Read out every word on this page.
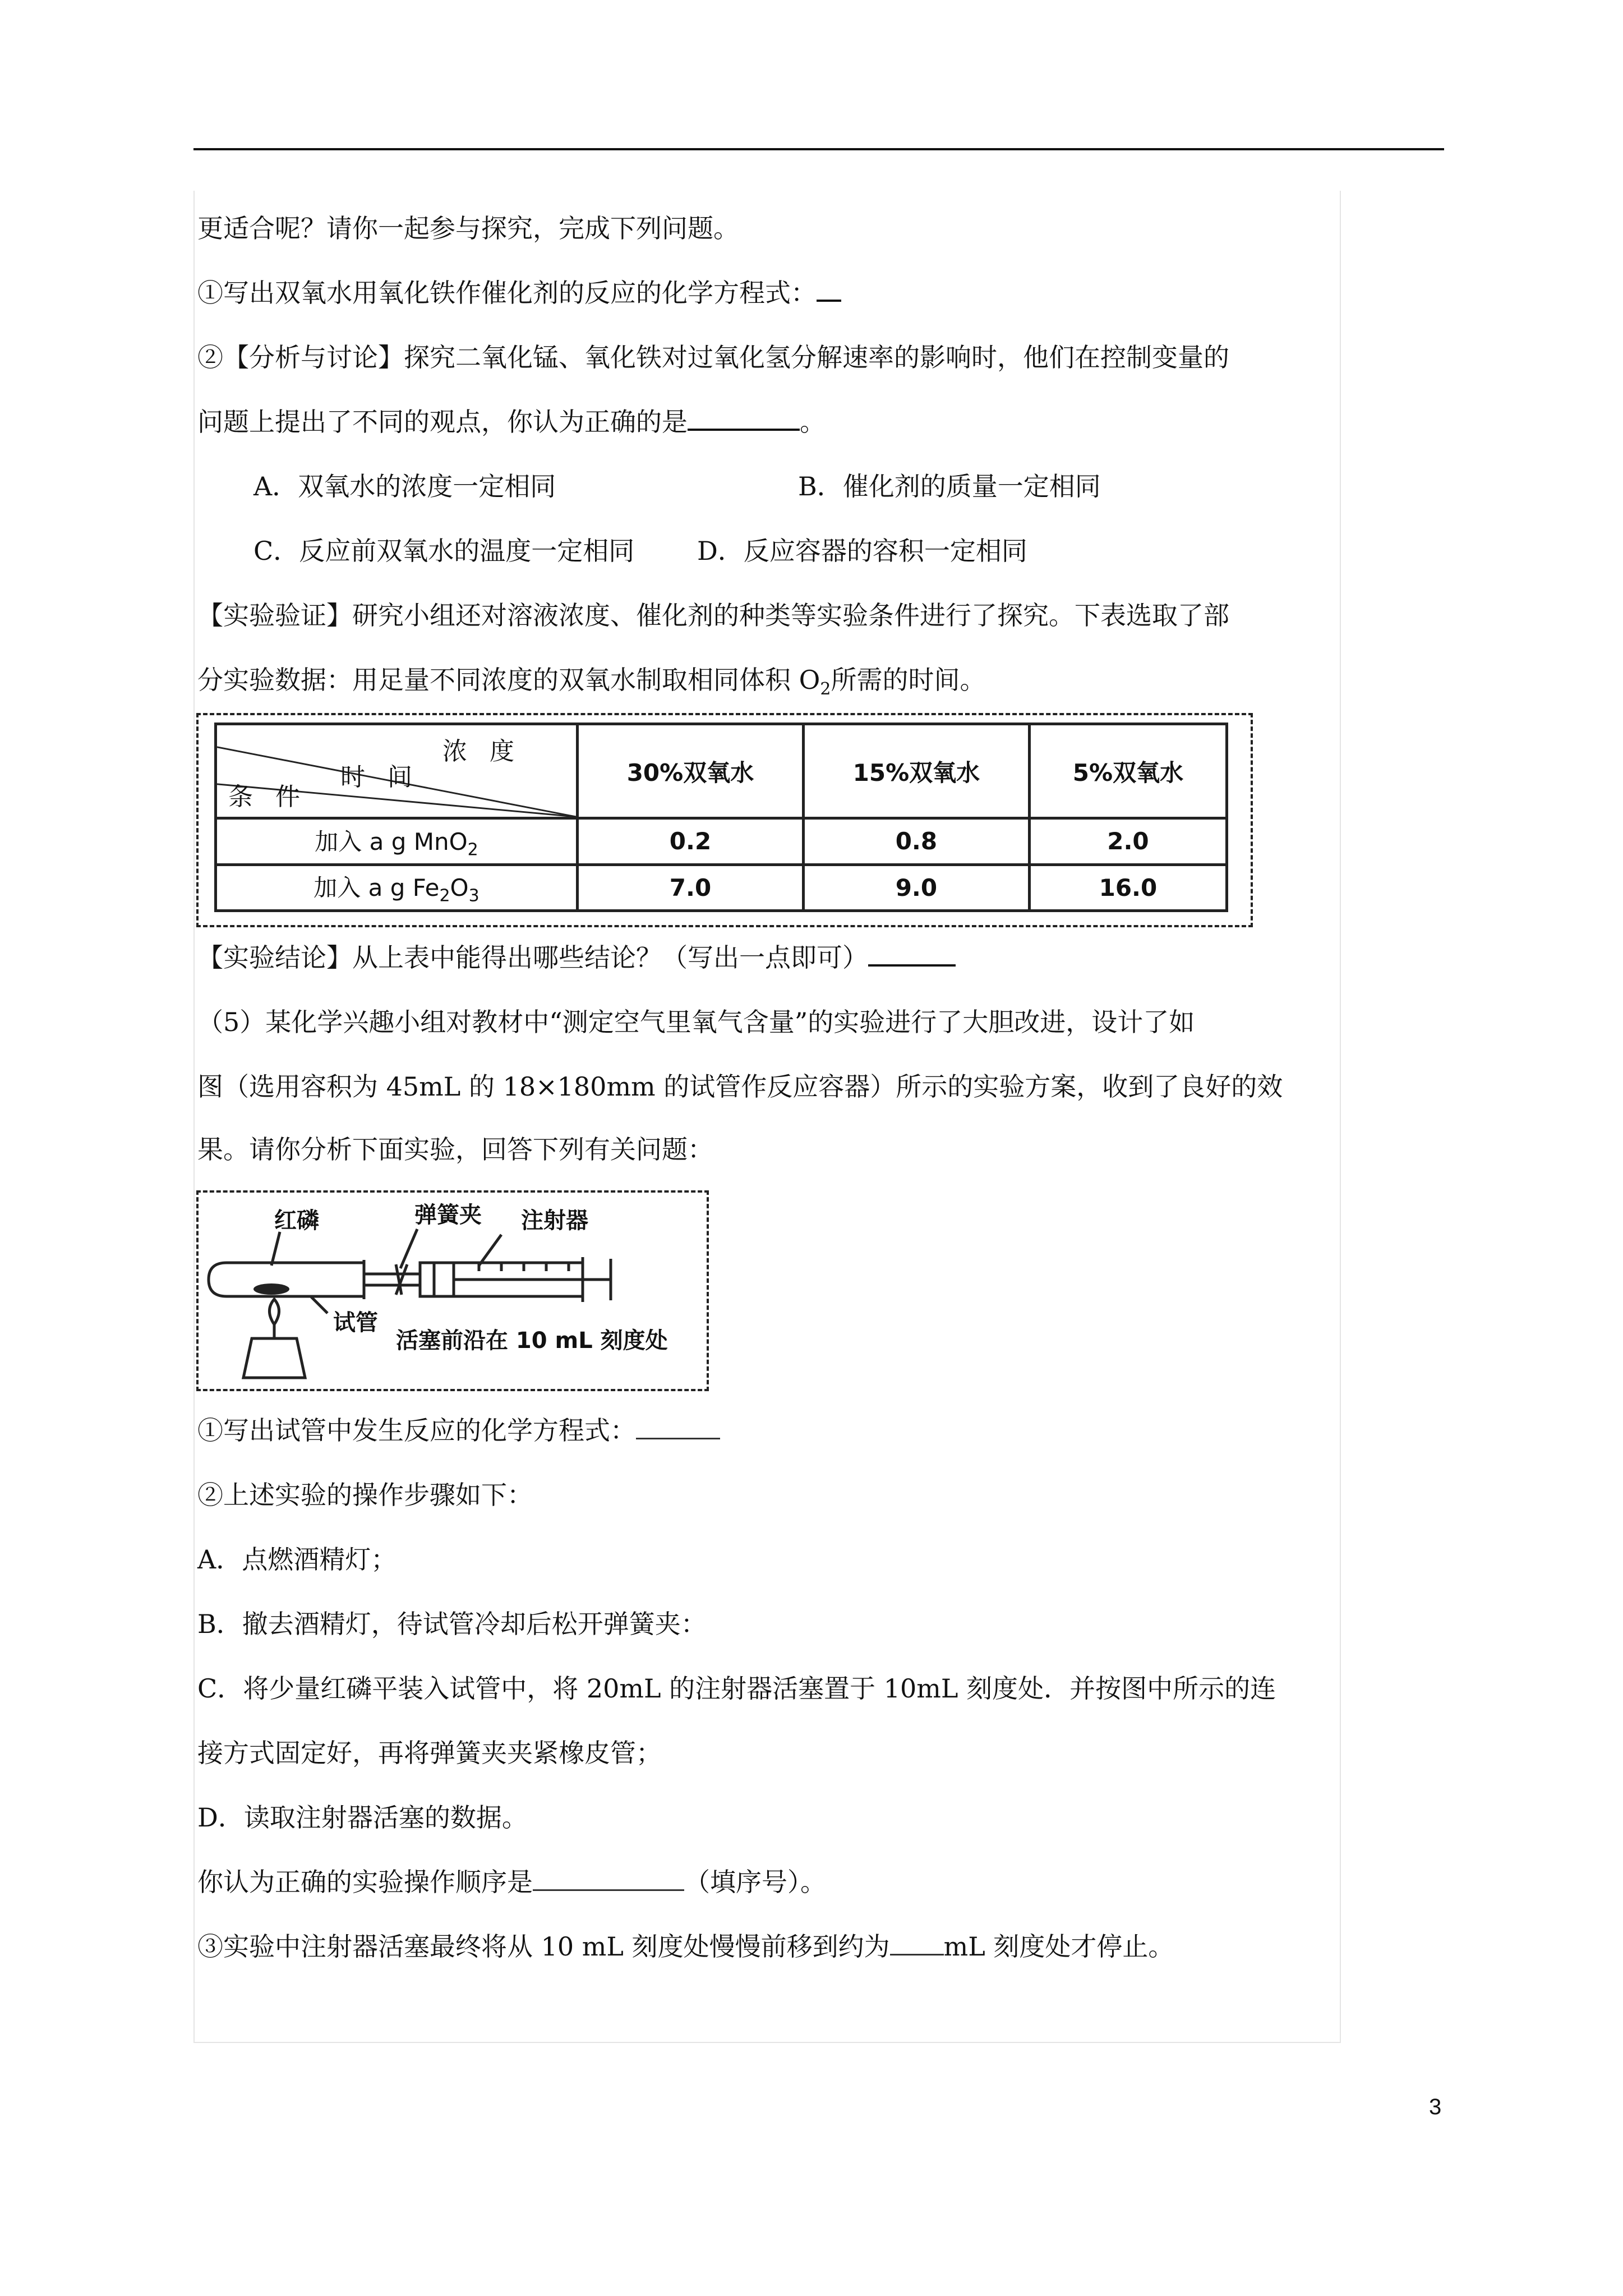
更适合呢？请你一起参与探究，完成下列问题。
①写出双氧水用氧化铁作催化剂的反应的化学方程式：
②【分析与讨论】探究二氧化锰、氧化铁对过氧化氢分解速率的影响时，他们在控制变量的
问题上提出了不同的观点，你认为正确的是	。
A．双氧水的浓度一定相同	B．催化剂的质量一定相同
C．反应前双氧水的温度一定相同 D．反应容器的容积一定相同
【实验验证】研究小组还对溶液浓度、催化剂的种类等实验条件进行了探究。下表选取了部
分实验数据：用足量不同浓度的双氧水制取相同体积 $O_2$所需的时间。
浓度
时间
条件	30%双氧水	15%双氧水	5%双氧水
加入 a g MnO$_2$	0.2	0.8	2.0
加入 a g $Fe_2O_3$	7.0	9.0	16.0
【实验结论】从上表中能得出哪些结论？（写出一点即可）
（5）某化学兴趣小组对教材中“测定空气里氧气含量”的实验进行了大胆改进，设计了如
图（选用容积为 45mL 的 18×180mm 的试管作反应容器）所示的实验方案，收到了良好的效
果。请你分析下面实验，回答下列有关问题：
红磷	弹簧夹 注射器
试管
活塞前沿在 10 mL 刻度处
①写出试管中发生反应的化学方程式：
②上述实验的操作步骤如下：
A．点燃酒精灯；
B．撤去酒精灯，待试管冷却后松开弹簧夹：
C．将少量红磷平装入试管中，将 20mL 的注射器活塞置于 10mL 刻度处．并按图中所示的连
接方式固定好，再将弹簧夹夹紧橡皮管；
D．读取注射器活塞的数据。
你认为正确的实验操作顺序是	（填序号）。
③实验中注射器活塞最终将从 10 mL 刻度处慢慢前移到约为 mL 刻度处才停止。
3
